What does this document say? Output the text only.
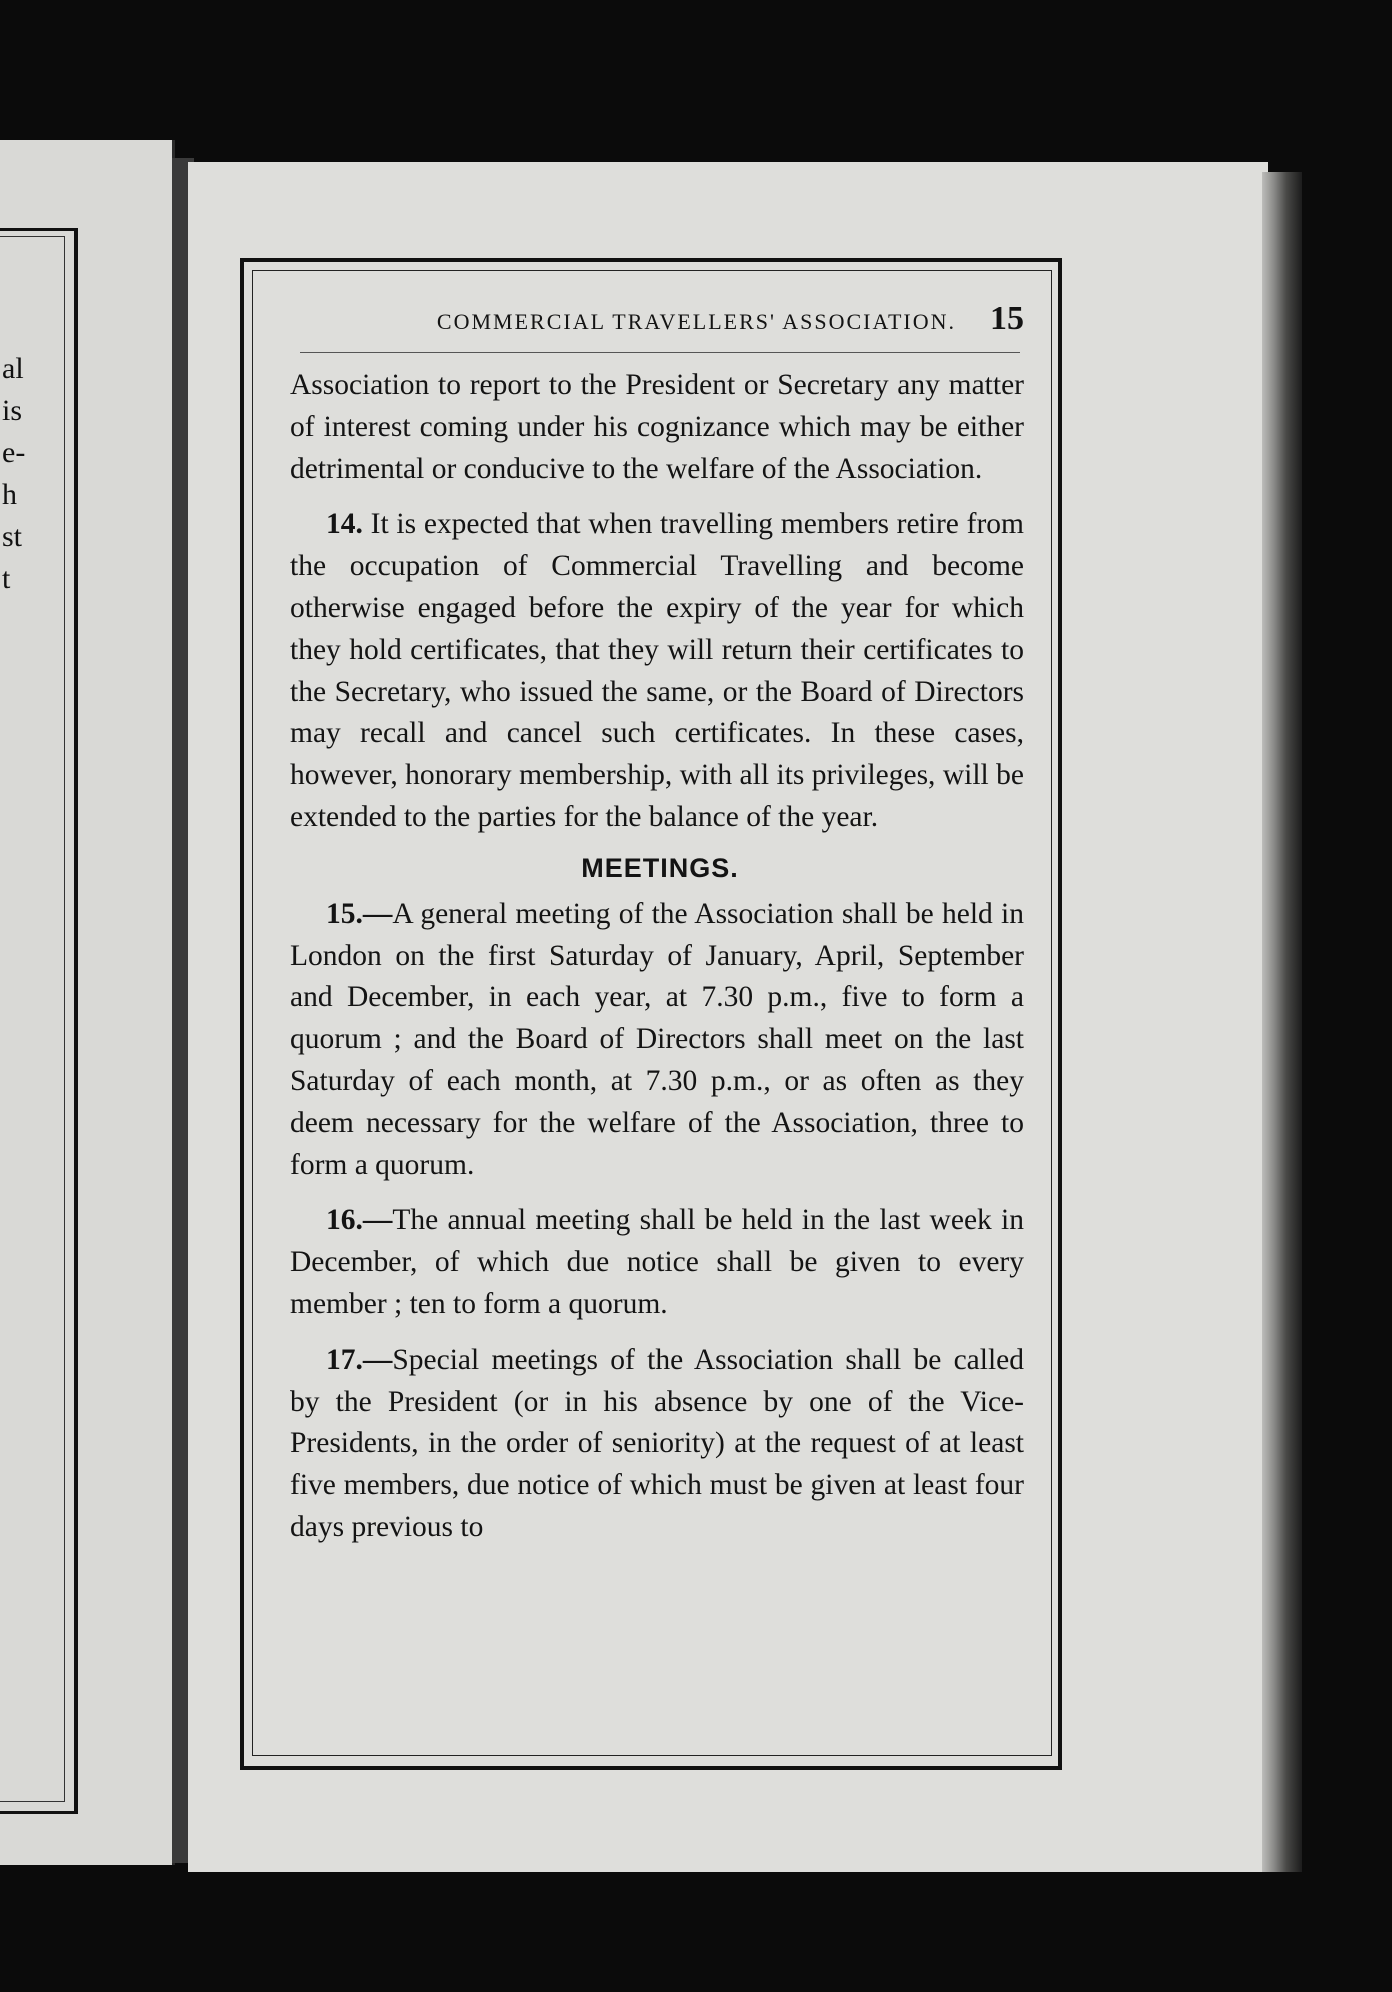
al
is
e-
h
st
t
COMMERCIAL TRAVELLERS' ASSOCIATION. 15

Association to report to the President or Secretary any matter of interest coming under his cognizance which may be either detrimental or conducive to the welfare of the Association.

14. It is expected that when travelling members retire from the occupation of Commercial Travelling and become otherwise engaged before the expiry of the year for which they hold certificates, that they will return their certificates to the Secretary, who issued the same, or the Board of Directors may recall and cancel such certificates. In these cases, however, honorary membership, with all its privileges, will be extended to the parties for the balance of the year.

MEETINGS.

15.—A general meeting of the Association shall be held in London on the first Saturday of January, April, September and December, in each year, at 7.30 p.m., five to form a quorum ; and the Board of Directors shall meet on the last Saturday of each month, at 7.30 p.m., or as often as they deem necessary for the welfare of the Association, three to form a quorum.

16.—The annual meeting shall be held in the last week in December, of which due notice shall be given to every member ; ten to form a quorum.

17.—Special meetings of the Association shall be called by the President (or in his absence by one of the Vice-Presidents, in the order of seniority) at the request of at least five members, due notice of which must be given at least four days previous to
